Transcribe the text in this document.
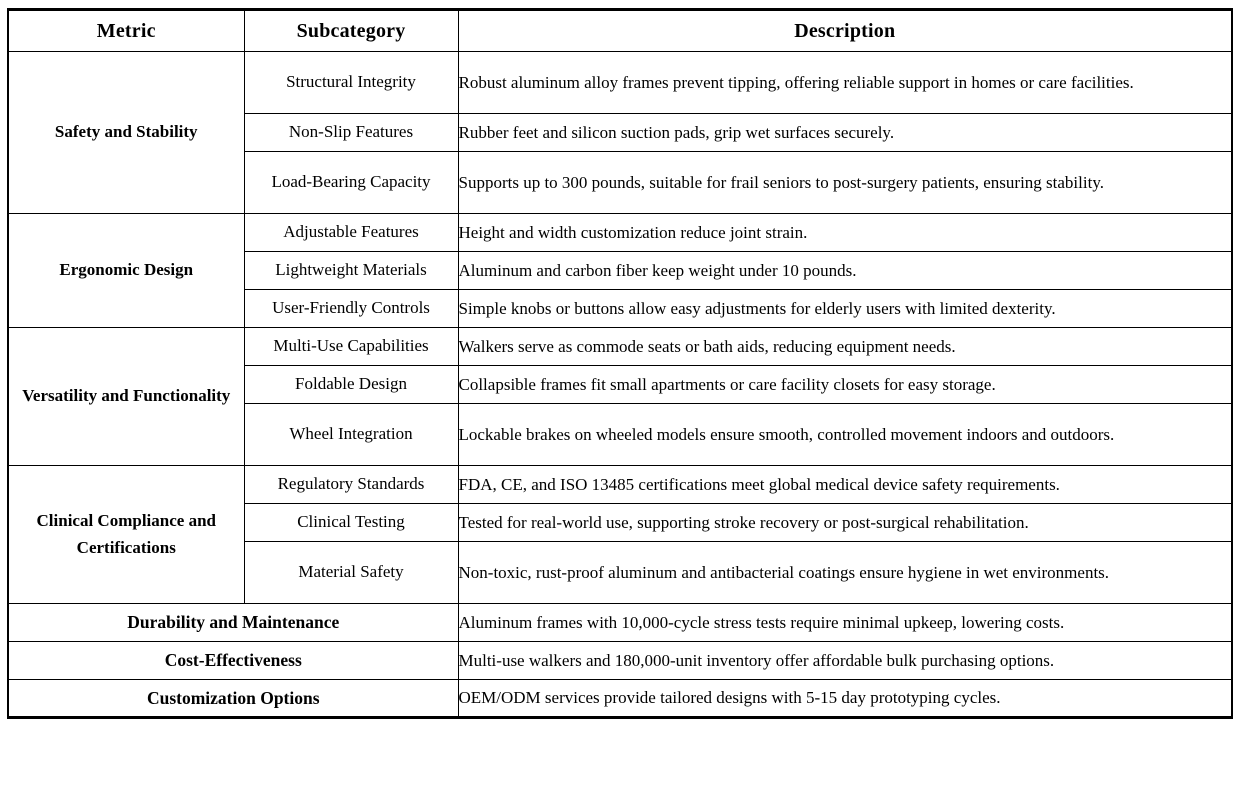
Metric	Subcategory	Description
Safety and Stability	Structural Integrity	Robust aluminum alloy frames prevent tipping, offering reliable support in homes or care facilities.
	Non-Slip Features	Rubber feet and silicon suction pads, grip wet surfaces securely.
	Load-Bearing Capacity	Supports up to 300 pounds, suitable for frail seniors to post-surgery patients, ensuring stability.
Ergonomic Design	Adjustable Features	Height and width customization reduce joint strain.
	Lightweight Materials	Aluminum and carbon fiber keep weight under 10 pounds.
	User-Friendly Controls	Simple knobs or buttons allow easy adjustments for elderly users with limited dexterity.
Versatility and Functionality	Multi-Use Capabilities	Walkers serve as commode seats or bath aids, reducing equipment needs.
	Foldable Design	Collapsible frames fit small apartments or care facility closets for easy storage.
	Wheel Integration	Lockable brakes on wheeled models ensure smooth, controlled movement indoors and outdoors.
Clinical Compliance and Certifications	Regulatory Standards	FDA, CE, and ISO 13485 certifications meet global medical device safety requirements.
	Clinical Testing	Tested for real-world use, supporting stroke recovery or post-surgical rehabilitation.
	Material Safety	Non-toxic, rust-proof aluminum and antibacterial coatings ensure hygiene in wet environments.
Durability and Maintenance		Aluminum frames with 10,000-cycle stress tests require minimal upkeep, lowering costs.
Cost-Effectiveness		Multi-use walkers and 180,000-unit inventory offer affordable bulk purchasing options.
Customization Options		OEM/ODM services provide tailored designs with 5-15 day prototyping cycles.
